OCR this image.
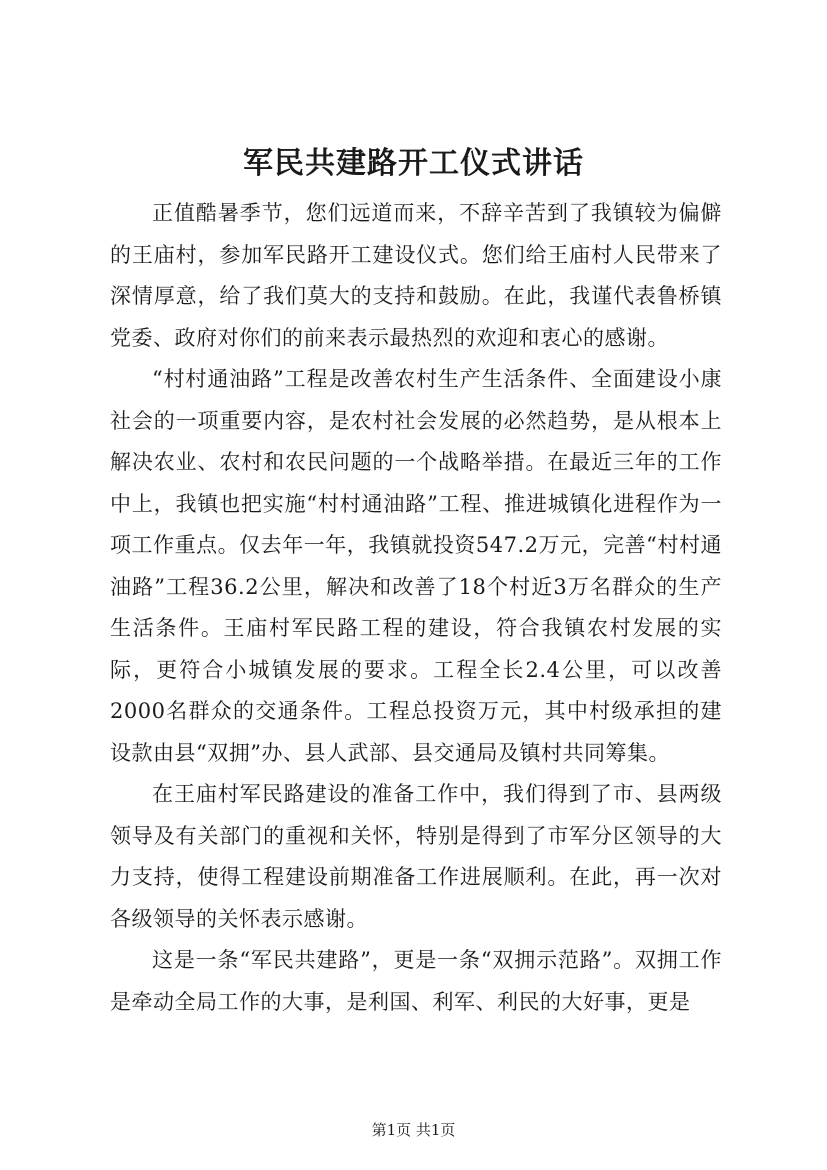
军民共建路开工仪式讲话

正值酷暑季节，您们远道而来，不辞辛苦到了我镇较为偏僻的王庙村，参加军民路开工建设仪式。您们给王庙村人民带来了深情厚意，给了我们莫大的支持和鼓励。在此，我谨代表鲁桥镇党委、政府对你们的前来表示最热烈的欢迎和衷心的感谢。

“村村通油路”工程是改善农村生产生活条件、全面建设小康社会的一项重要内容，是农村社会发展的必然趋势，是从根本上解决农业、农村和农民问题的一个战略举措。在最近三年的工作中上，我镇也把实施“村村通油路”工程、推进城镇化进程作为一项工作重点。仅去年一年，我镇就投资547.2万元，完善“村村通油路”工程36.2公里，解决和改善了18个村近3万名群众的生产生活条件。王庙村军民路工程的建设，符合我镇农村发展的实际，更符合小城镇发展的要求。工程全长2.4公里，可以改善2000名群众的交通条件。工程总投资万元，其中村级承担的建设款由县“双拥”办、县人武部、县交通局及镇村共同筹集。

在王庙村军民路建设的准备工作中，我们得到了市、县两级领导及有关部门的重视和关怀，特别是得到了市军分区领导的大力支持，使得工程建设前期准备工作进展顺利。在此，再一次对各级领导的关怀表示感谢。

这是一条“军民共建路”，更是一条“双拥示范路”。双拥工作是牵动全局工作的大事，是利国、利军、利民的大好事，更是

第1页 共1页
